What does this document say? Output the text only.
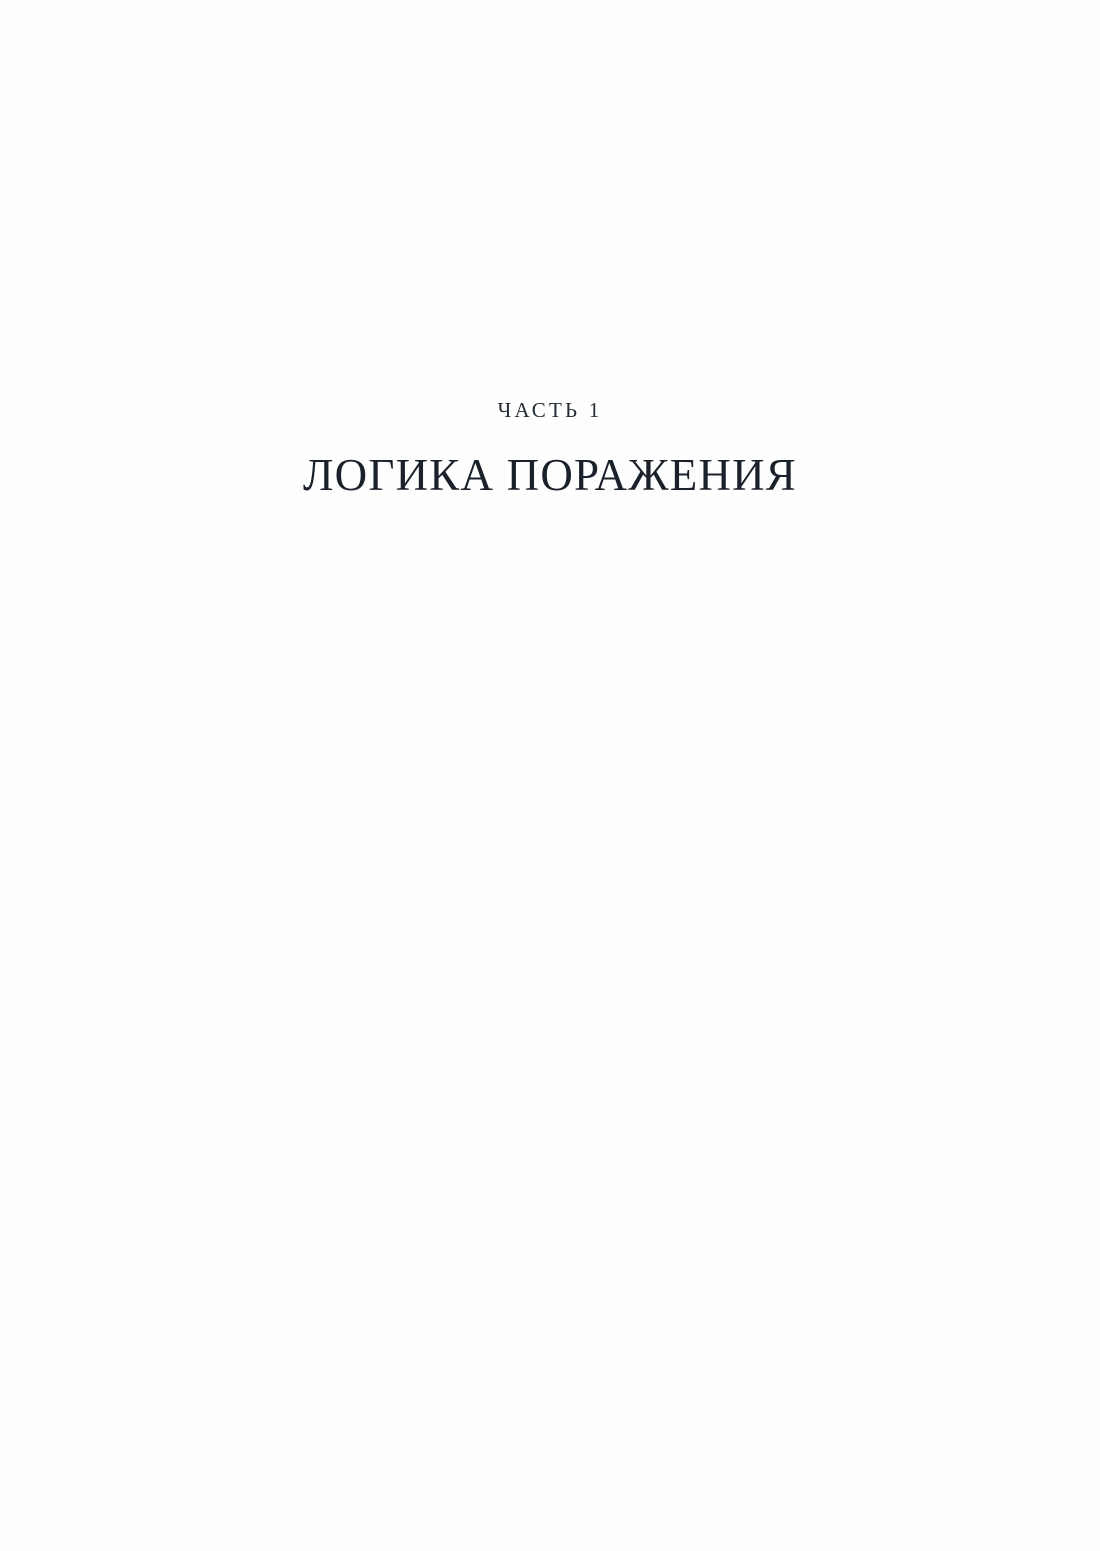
ЧАСТЬ 1

ЛОГИКА ПОРАЖЕНИЯ
